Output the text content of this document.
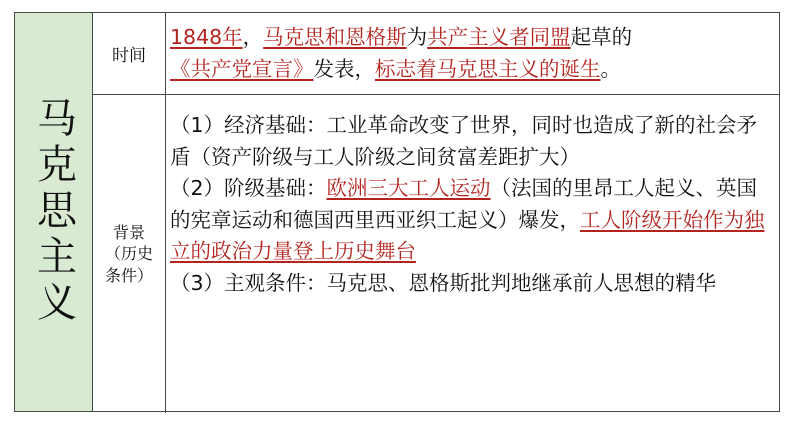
马克思主义
时间
1848年，马克思和恩格斯为共产主义者同盟起草的《共产党宣言》发表，标志着马克思主义的诞生。
背景（历史条件）
（1）经济基础：工业革命改变了世界，同时也造成了新的社会矛盾（资产阶级与工人阶级之间贫富差距扩大）
（2）阶级基础：欧洲三大工人运动（法国的里昂工人起义、英国的宪章运动和德国西里西亚织工起义）爆发，工人阶级开始作为独立的政治力量登上历史舞台
（3）主观条件：马克思、恩格斯批判地继承前人思想的精华
